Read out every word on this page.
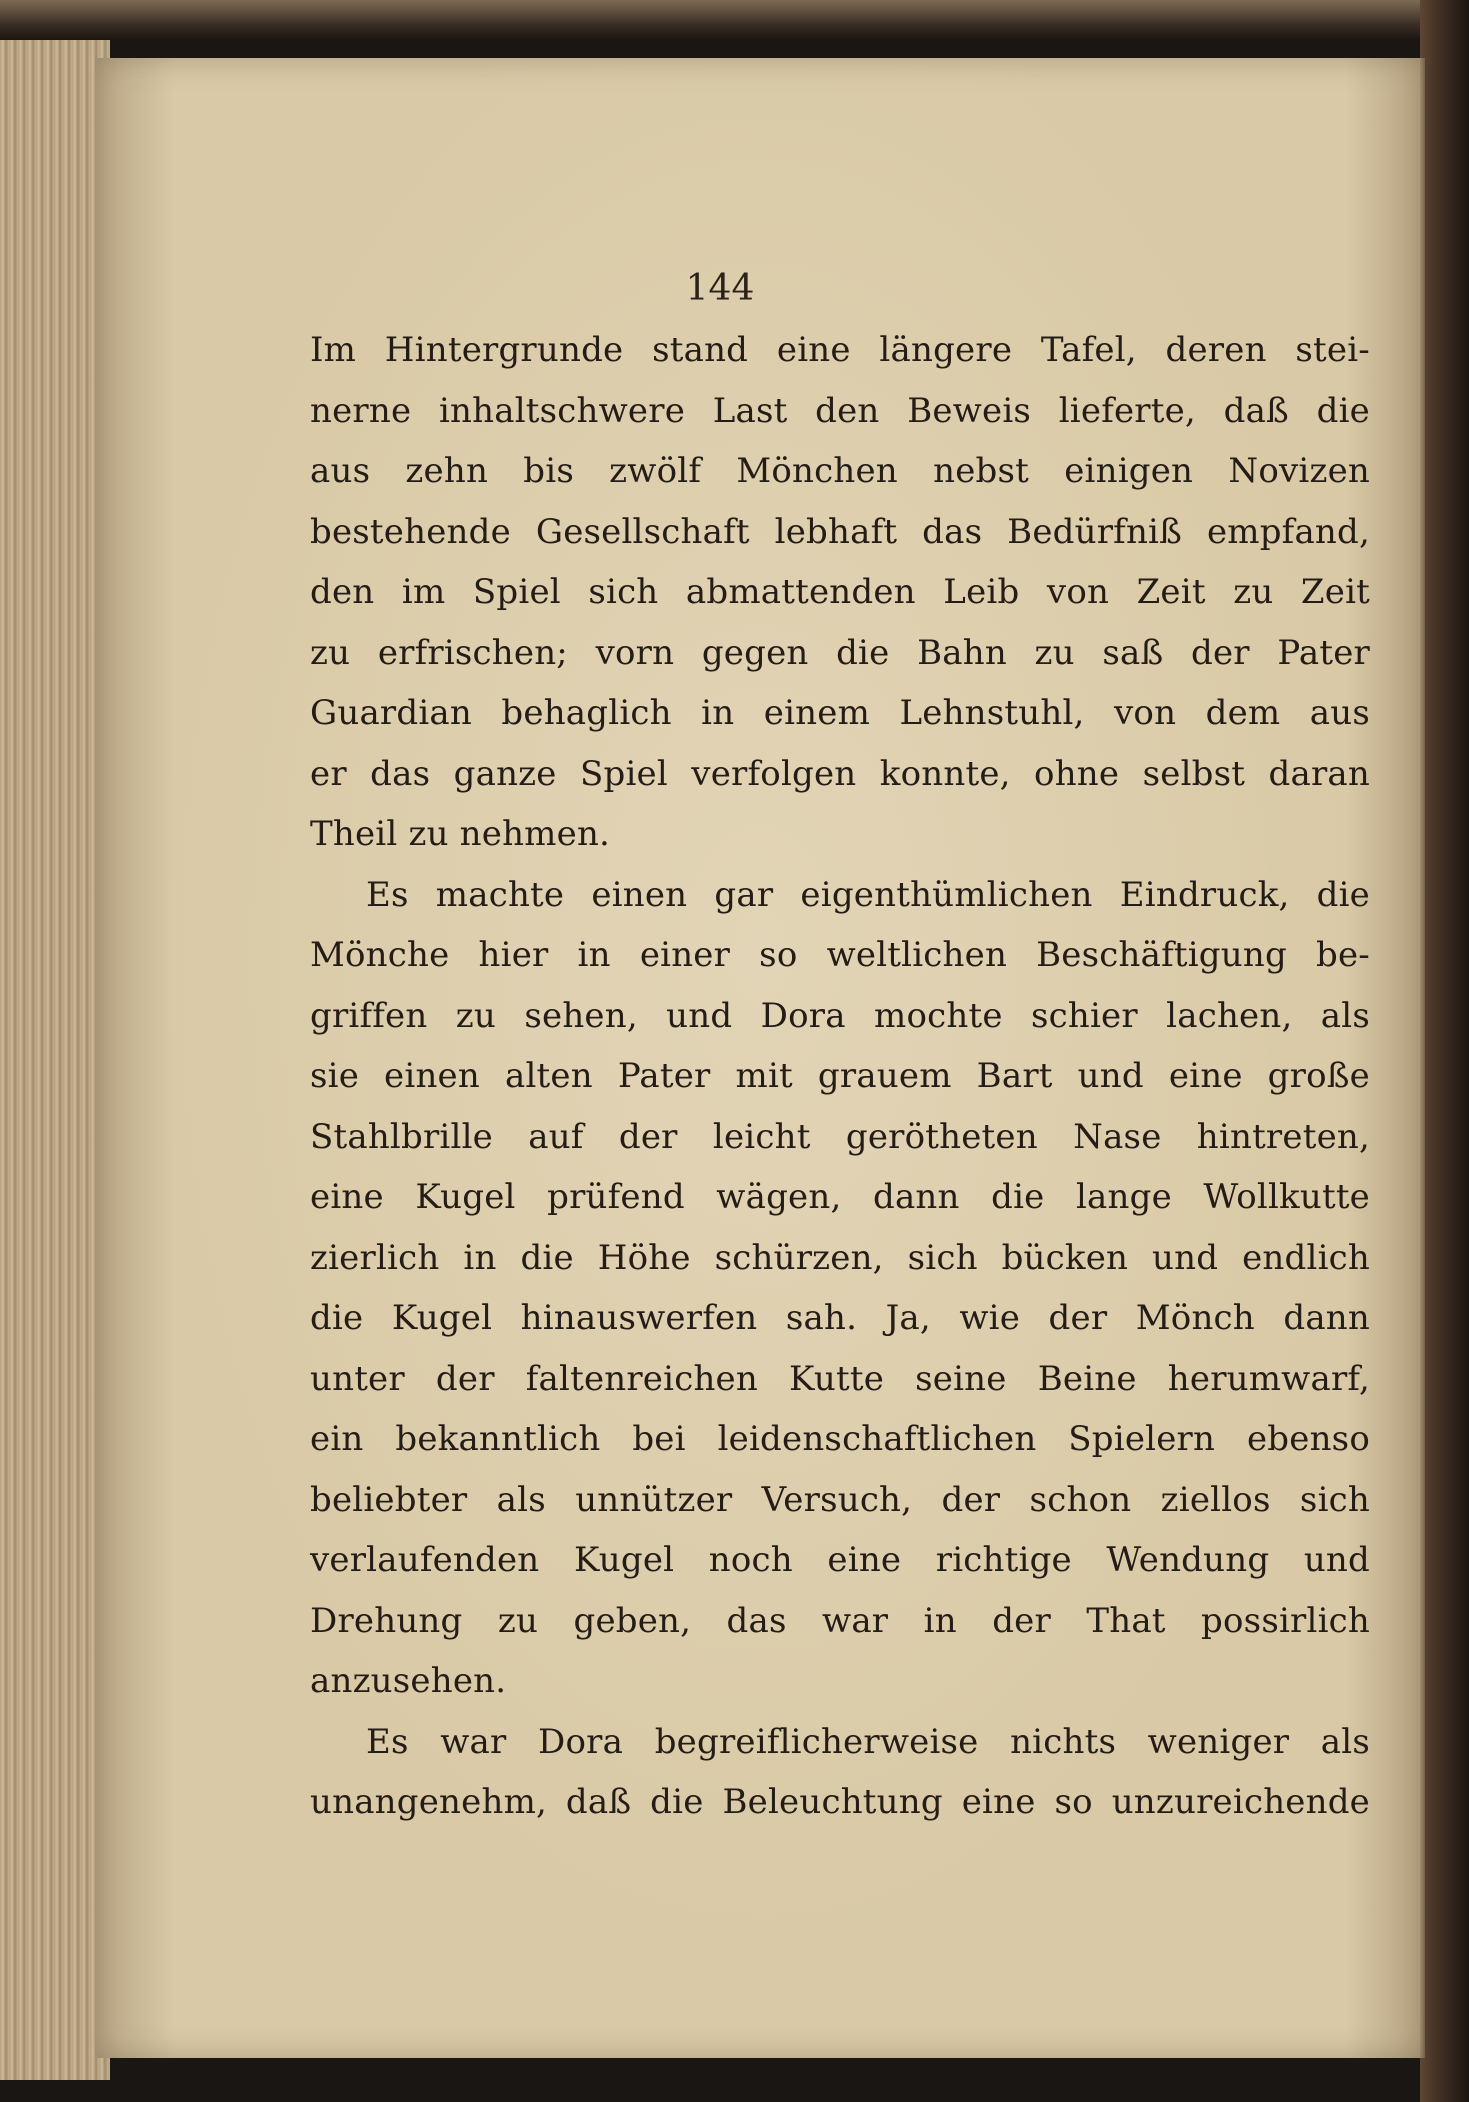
144
Im Hintergrunde stand eine längere Tafel, deren stei-
nerne inhaltschwere Last den Beweis lieferte, daß die
aus zehn bis zwölf Mönchen nebst einigen Novizen
bestehende Gesellschaft lebhaft das Bedürfniß empfand,
den im Spiel sich abmattenden Leib von Zeit zu Zeit
zu erfrischen; vorn gegen die Bahn zu saß der Pater
Guardian behaglich in einem Lehnstuhl, von dem aus
er das ganze Spiel verfolgen konnte, ohne selbst daran
Theil zu nehmen.
Es machte einen gar eigenthümlichen Eindruck, die
Mönche hier in einer so weltlichen Beschäftigung be-
griffen zu sehen, und Dora mochte schier lachen, als
sie einen alten Pater mit grauem Bart und eine große
Stahlbrille auf der leicht gerötheten Nase hintreten,
eine Kugel prüfend wägen, dann die lange Wollkutte
zierlich in die Höhe schürzen, sich bücken und endlich
die Kugel hinauswerfen sah. Ja, wie der Mönch dann
unter der faltenreichen Kutte seine Beine herumwarf,
ein bekanntlich bei leidenschaftlichen Spielern ebenso
beliebter als unnützer Versuch, der schon ziellos sich
verlaufenden Kugel noch eine richtige Wendung und
Drehung zu geben, das war in der That possirlich
anzusehen.
Es war Dora begreiflicherweise nichts weniger als
unangenehm, daß die Beleuchtung eine so unzureichende
